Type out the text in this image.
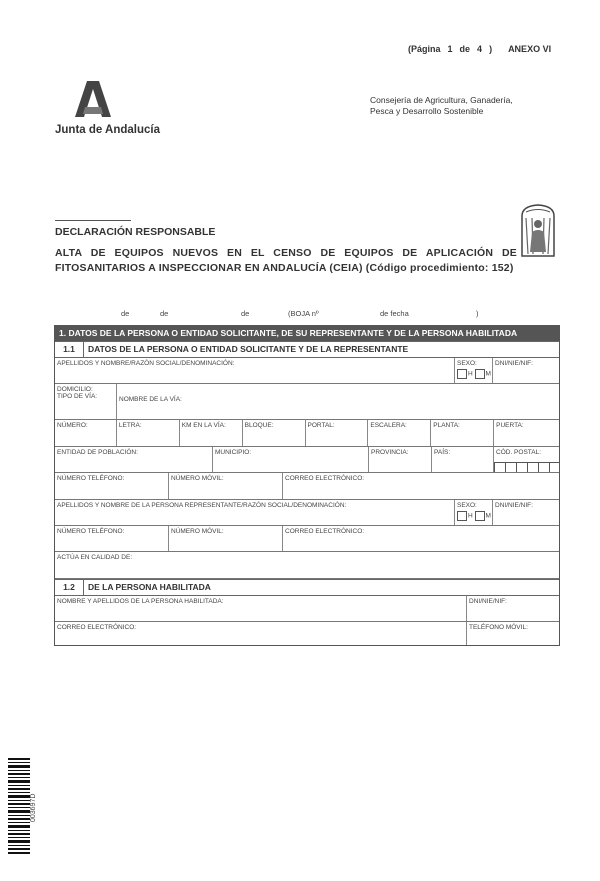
(Página 1 de 4 ) ANEXO VI
Junta de Andalucía
Consejería de Agricultura, Ganadería,
Pesca y Desarrollo Sostenible
DECLARACIÓN RESPONSABLE
ALTA DE EQUIPOS NUEVOS EN EL CENSO DE EQUIPOS DE APLICACIÓN DE
FITOSANITARIOS A INSPECCIONAR EN ANDALUCÍA (CEIA) (Código procedimiento: 152)
de	de	de	(BOJA nº	de fecha	)
1. DATOS DE LA PERSONA O ENTIDAD SOLICITANTE, DE SU REPRESENTANTE Y DE LA PERSONA HABILITADA
1.1	DATOS DE LA PERSONA O ENTIDAD SOLICITANTE Y DE LA REPRESENTANTE
APELLIDOS Y NOMBRE/RAZÓN SOCIAL/DENOMINACIÓN:	SEXO:
H M
DNI/NIE/NIF:
DOMICILIO:
TIPO DE VÍA:	NOMBRE DE LA VÍA:
NÚMERO:	LETRA:	KM EN LA VÍA:	BLOQUE:	PORTAL:	ESCALERA:	PLANTA:	PUERTA:
ENTIDAD DE POBLACIÓN:	MUNICIPIO:	PROVINCIA:	PAÍS:	CÓD. POSTAL:
NÚMERO TELÉFONO:	NÚMERO MÓVIL:	CORREO ELECTRÓNICO:
APELLIDOS Y NOMBRE DE LA PERSONA REPRESENTANTE/RAZÓN SOCIAL/DENOMINACIÓN:	SEXO:
H M
DNI/NIE/NIF:
NÚMERO TELÉFONO:	NÚMERO MÓVIL:	CORREO ELECTRÓNICO:
ACTÚA EN CALIDAD DE:
1.2	DE LA PERSONA HABILITADA
NOMBRE Y APELLIDOS DE LA PERSONA HABILITADA:	DNI/NIE/NIF:
CORREO ELECTRÓNICO:	TELÉFONO MÓVIL:
003697D
